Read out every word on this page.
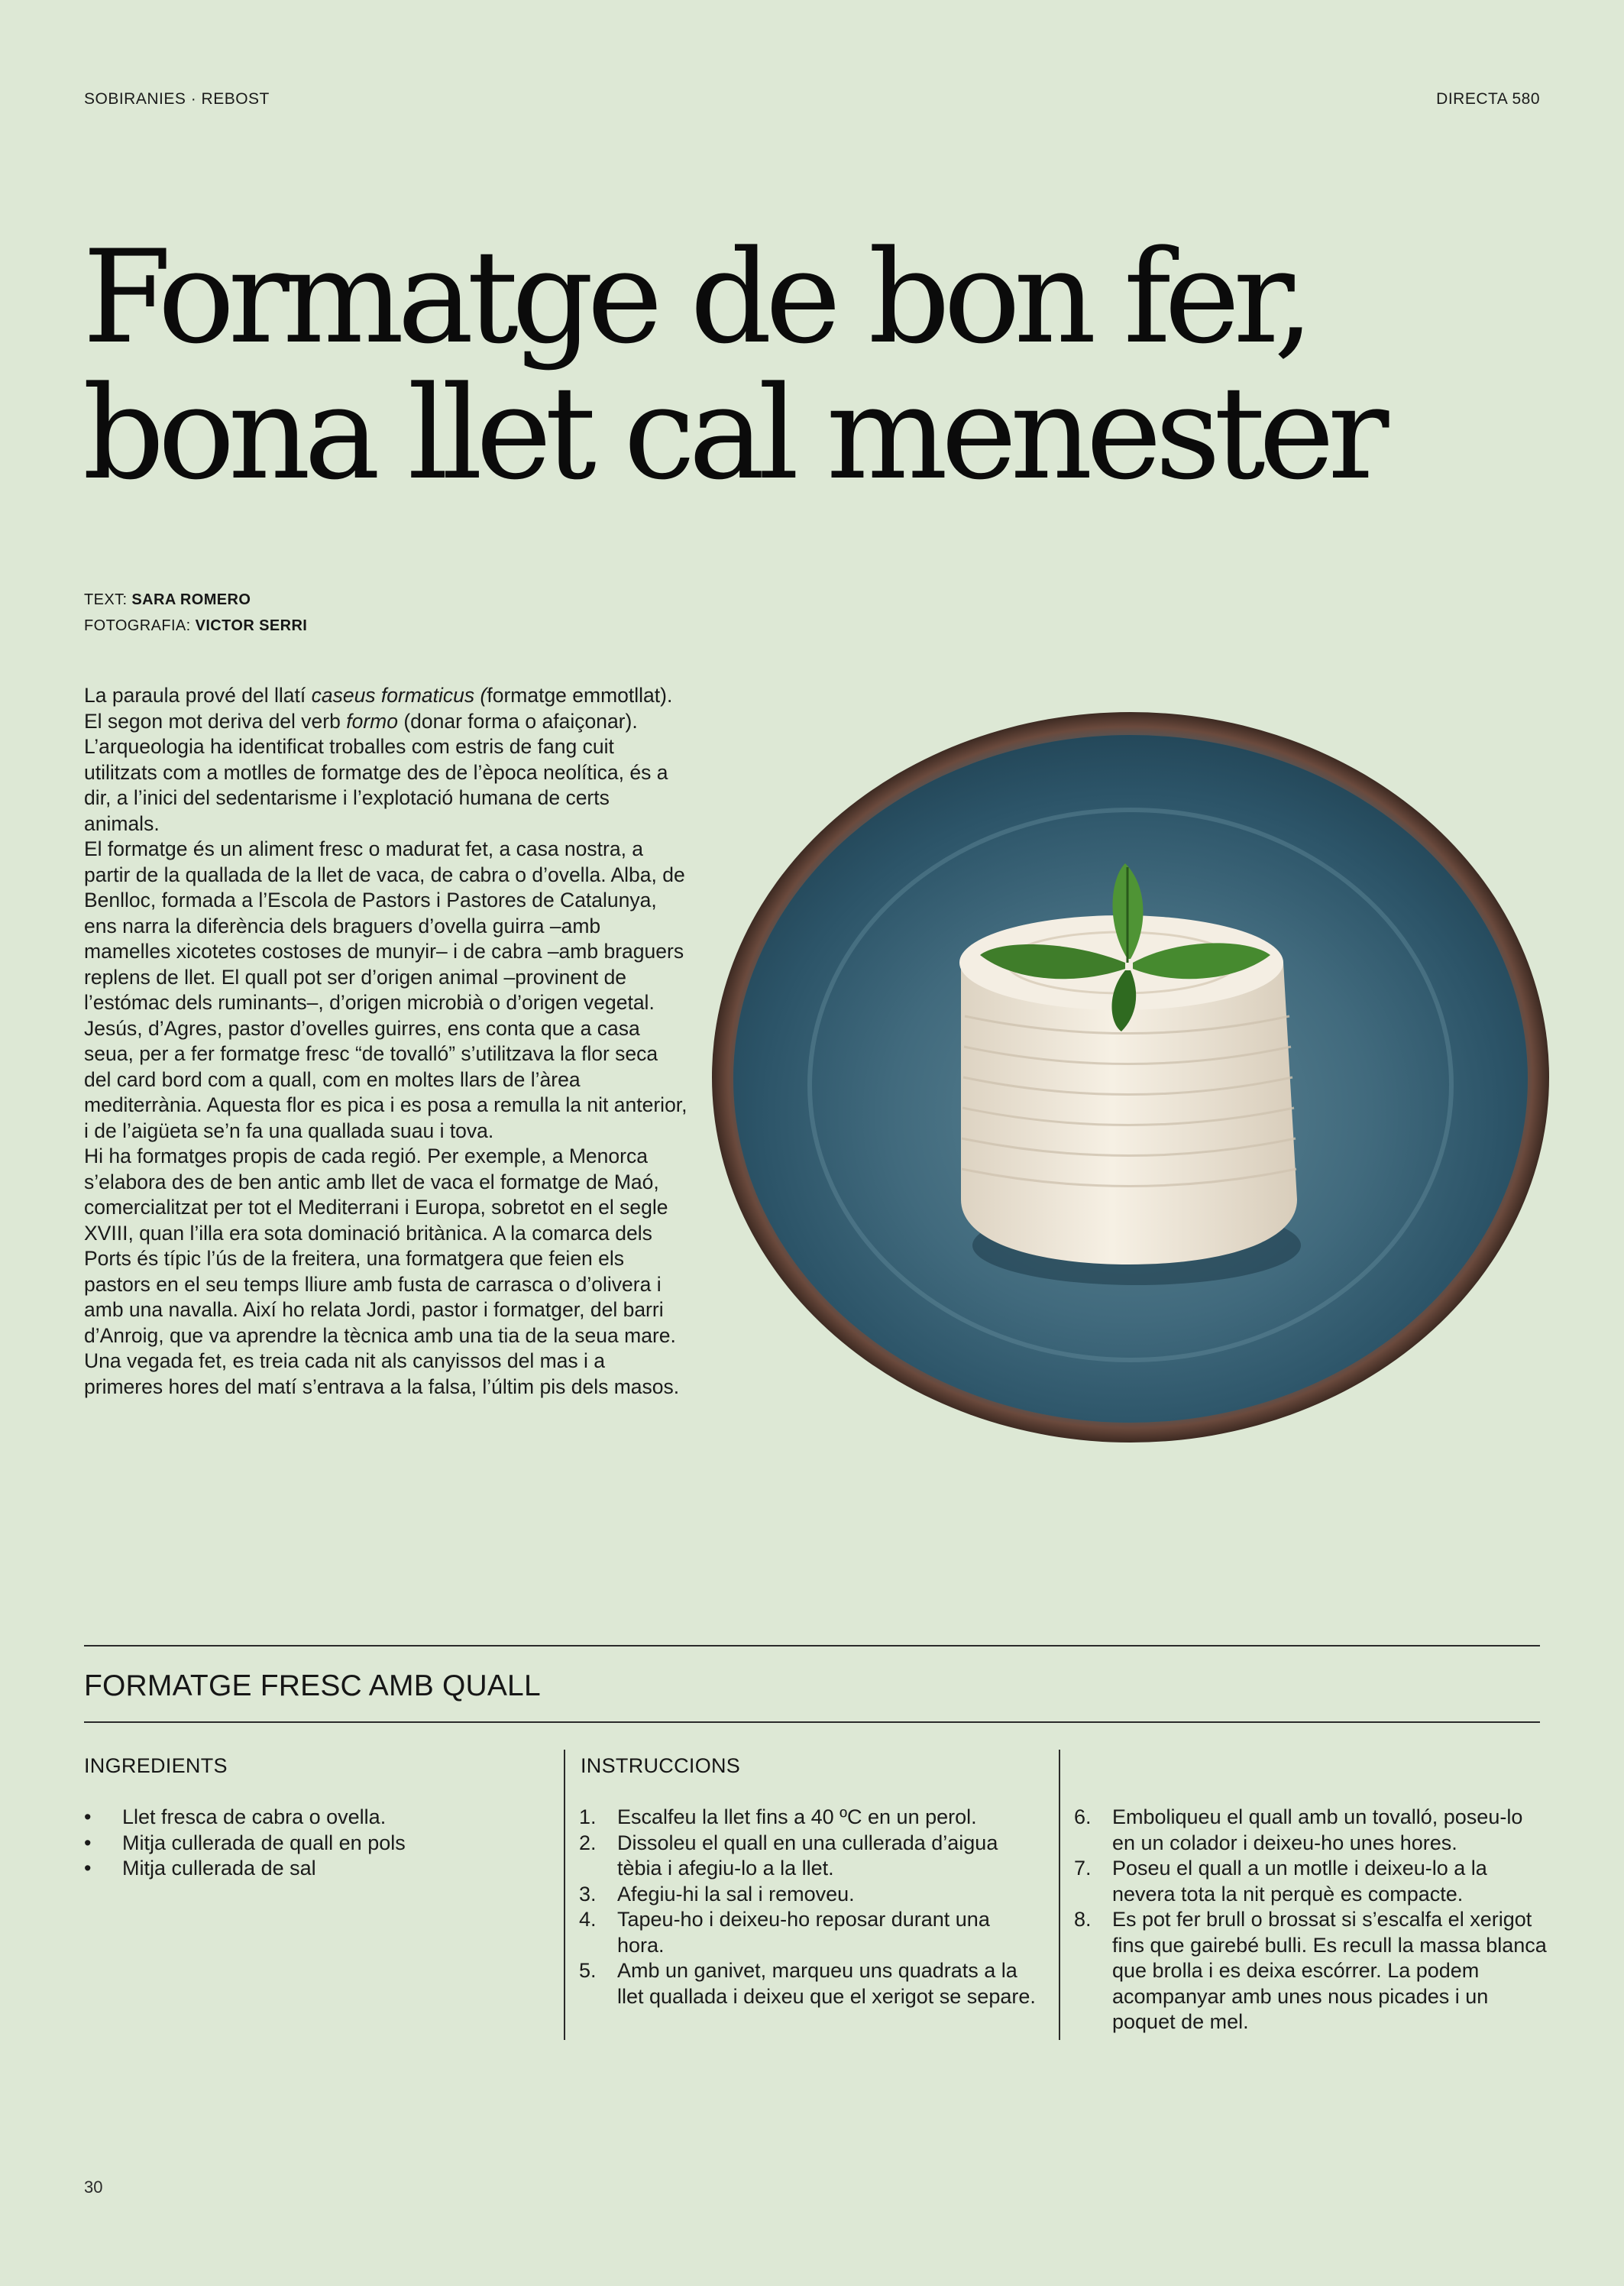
SOBIRANIES · REBOST	DIRECTA 580
Formatge de bon fer,
bona llet cal menester
TEXT: SARA ROMERO
FOTOGRAFIA: VICTOR SERRI

La paraula prové del llatí caseus formaticus (formatge emmotllat). El segon mot deriva del verb formo (donar forma o afaiçonar). L’arqueologia ha identificat troballes com estris de fang cuit utilitzats com a motlles de formatge des de l’època neolítica, és a dir, a l’inici del sedentarisme i l’explotació humana de certs animals.

El formatge és un aliment fresc o madurat fet, a casa nostra, a partir de la quallada de la llet de vaca, de cabra o d’ovella. Alba, de Benlloc, formada a l’Escola de Pastors i Pastores de Catalunya, ens narra la diferència dels braguers d’ovella guirra –amb mamelles xicotetes costoses de munyir– i de cabra –amb braguers replens de llet. El quall pot ser d’origen animal –provinent de l’estómac dels ruminants–, d’origen microbià o d’origen vegetal. Jesús, d’Agres, pastor d’ovelles guirres, ens conta que a casa seua, per a fer formatge fresc “de tovalló” s’utilitzava la flor seca del card bord com a quall, com en moltes llars de l’àrea mediterrània. Aquesta flor es pica i es posa a remulla la nit anterior, i de l’aigüeta se’n fa una quallada suau i tova.

Hi ha formatges propis de cada regió. Per exemple, a Menorca s’elabora des de ben antic amb llet de vaca el formatge de Maó, comercialitzat per tot el Mediterrani i Europa, sobretot en el segle XVIII, quan l’illa era sota dominació britànica. A la comarca dels Ports és típic l’ús de la freitera, una formatgera que feien els pastors en el seu temps lliure amb fusta de carrasca o d’olivera i amb una navalla. Així ho relata Jordi, pastor i formatger, del barri d’Anroig, que va aprendre la tècnica amb una tia de la seua mare. Una vegada fet, es treia cada nit als canyissos del mas i a primeres hores del matí s’entrava a la falsa, l’últim pis dels masos.

FORMATGE FRESC AMB QUALL
INGREDIENTS	INSTRUCCIONS
• Llet fresca de cabra o ovella.
• Mitja cullerada de quall en pols
• Mitja cullerada de sal
1. Escalfeu la llet fins a 40 ºC en un perol.
2. Dissoleu el quall en una cullerada d’aigua tèbia i afegiu-lo a la llet.
3. Afegiu-hi la sal i removeu.
4. Tapeu-ho i deixeu-ho reposar durant una hora.
5. Amb un ganivet, marqueu uns quadrats a la llet quallada i deixeu que el xerigot se separe.
6. Emboliqueu el quall amb un tovalló, poseu-lo en un colador i deixeu-ho unes hores.
7. Poseu el quall a un motlle i deixeu-lo a la nevera tota la nit perquè es compacte.
8. Es pot fer brull o brossat si s’escalfa el xerigot fins que gairebé bulli. Es recull la massa blanca que brolla i es deixa escórrer. La podem acompanyar amb unes nous picades i un poquet de mel.
30
